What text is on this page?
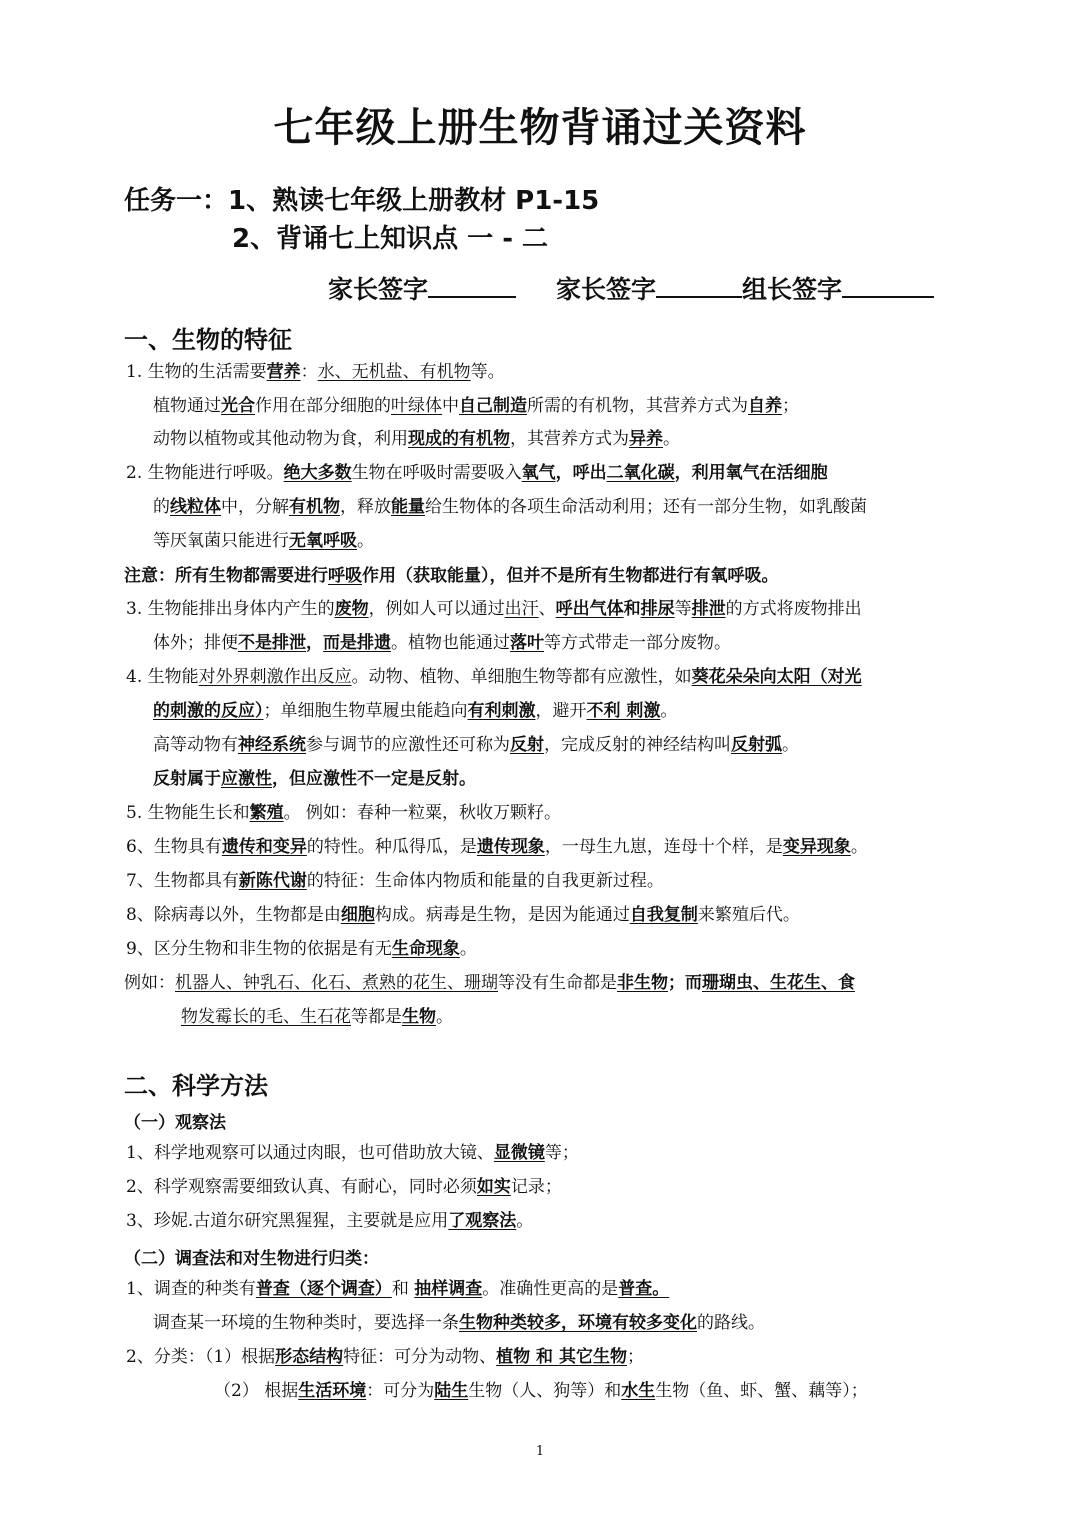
七年级上册生物背诵过关资料
任务一：1、熟读七年级上册教材 P1-15
2、背诵七上知识点 一 - 二
家长签字	家长签字	组长签字
一、生物的特征
1. 生物的生活需要营养：水、无机盐、有机物等。
植物通过光合作用在部分细胞的叶绿体中自己制造所需的有机物，其营养方式为自养；
动物以植物或其他动物为食，利用现成的有机物，其营养方式为异养。
2. 生物能进行呼吸。绝大多数生物在呼吸时需要吸入氧气，呼出二氧化碳，利用氧气在活细胞
的线粒体中，分解有机物，释放能量给生物体的各项生命活动利用；还有一部分生物，如乳酸菌
等厌氧菌只能进行无氧呼吸。
注意：所有生物都需要进行呼吸作用（获取能量），但并不是所有生物都进行有氧呼吸。
3. 生物能排出身体内产生的废物，例如人可以通过出汗、呼出气体和排尿等排泄的方式将废物排出
体外；排便不是排泄，而是排遗。植物也能通过落叶等方式带走一部分废物。
4. 生物能对外界刺激作出反应。动物、植物、单细胞生物等都有应激性，如葵花朵朵向太阳（对光
的刺激的反应）；单细胞生物草履虫能趋向有利刺激，避开不利 刺激。
高等动物有神经系统参与调节的应激性还可称为反射，完成反射的神经结构叫反射弧。
反射属于应激性，但应激性不一定是反射。
5. 生物能生长和繁殖。 例如：春种一粒粟，秋收万颗籽。
6、生物具有遗传和变异的特性。种瓜得瓜，是遗传现象，一母生九崽，连母十个样，是变异现象。
7、生物都具有新陈代谢的特征：生命体内物质和能量的自我更新过程。
8、除病毒以外，生物都是由细胞构成。病毒是生物，是因为能通过自我复制来繁殖后代。
9、区分生物和非生物的依据是有无生命现象。
例如：机器人、钟乳石、化石、煮熟的花生、珊瑚等没有生命都是非生物；而珊瑚虫、生花生、食
物发霉长的毛、生石花等都是生物。
二、科学方法
（一）观察法
1、科学地观察可以通过肉眼，也可借助放大镜、显微镜等；
2、科学观察需要细致认真、有耐心，同时必须如实记录；
3、珍妮.古道尔研究黑猩猩，主要就是应用了观察法。
（二）调查法和对生物进行归类：
1、调查的种类有普查（逐个调查）和 抽样调查。准确性更高的是普查。
调查某一环境的生物种类时，要选择一条生物种类较多，环境有较多变化的路线。
2、分类：（1）根据形态结构特征：可分为动物、植物 和 其它生物；
（2） 根据生活环境：可分为陆生生物（人、狗等）和水生生物（鱼、虾、蟹、藕等）；
1
